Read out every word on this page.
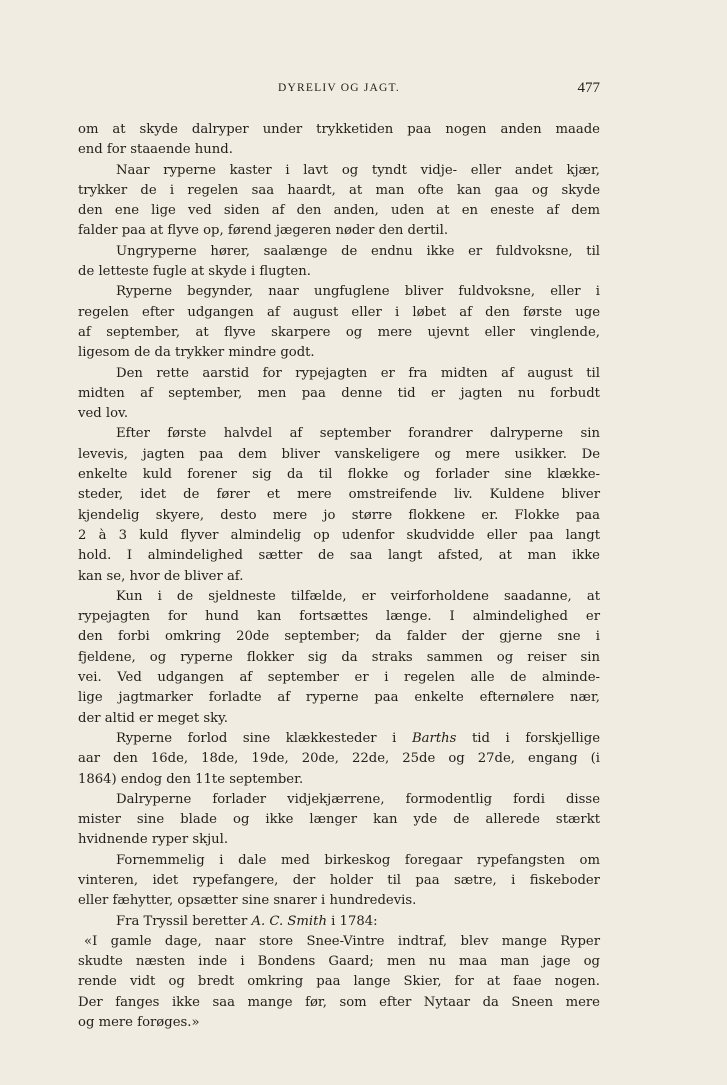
DYRELIV OG JAGT.	477
om at skyde dalryper under trykketiden paa nogen anden maade
end for staaende hund.
Naar ryperne kaster i lavt og tyndt vidje- eller andet kjær,
trykker de i regelen saa haardt, at man ofte kan gaa og skyde
den ene lige ved siden af den anden, uden at en eneste af dem
falder paa at flyve op, førend jægeren nøder den dertil.
Ungryperne hører, saalænge de endnu ikke er fuldvoksne, til
de letteste fugle at skyde i flugten.
Ryperne begynder, naar ungfuglene bliver fuldvoksne, eller i
regelen efter udgangen af august eller i løbet af den første uge
af september, at flyve skarpere og mere ujevnt eller vinglende,
ligesom de da trykker mindre godt.
Den rette aarstid for rypejagten er fra midten af august til
midten af september, men paa denne tid er jagten nu forbudt
ved lov.
Efter første halvdel af september forandrer dalryperne sin
levevis, jagten paa dem bliver vanskeligere og mere usikker. De
enkelte kuld forener sig da til flokke og forlader sine klække-
steder, idet de fører et mere omstreifende liv. Kuldene bliver
kjendelig skyere, desto mere jo større flokkene er. Flokke paa
2 à 3 kuld flyver almindelig op udenfor skudvidde eller paa langt
hold. I almindelighed sætter de saa langt afsted, at man ikke
kan se, hvor de bliver af.
Kun i de sjeldneste tilfælde, er veirforholdene saadanne, at
rypejagten for hund kan fortsættes længe. I almindelighed er
den forbi omkring 20de september; da falder der gjerne sne i
fjeldene, og ryperne flokker sig da straks sammen og reiser sin
vei. Ved udgangen af september er i regelen alle de alminde-
lige jagtmarker forladte af ryperne paa enkelte efternølere nær,
der altid er meget sky.
Ryperne forlod sine klækkesteder i Barths tid i forskjellige
aar den 16de, 18de, 19de, 20de, 22de, 25de og 27de, engang (i
1864) endog den 11te september.
Dalryperne forlader vidjekjærrene, formodentlig fordi disse
mister sine blade og ikke længer kan yde de allerede stærkt
hvidnende ryper skjul.
Fornemmelig i dale med birkeskog foregaar rypefangsten om
vinteren, idet rypefangere, der holder til paa sætre, i fiskeboder
eller fæhytter, opsætter sine snarer i hundredevis.
Fra Tryssil beretter A. C. Smith i 1784:
«I gamle dage, naar store Snee-Vintre indtraf, blev mange Ryper
skudte næsten inde i Bondens Gaard; men nu maa man jage og
rende vidt og bredt omkring paa lange Skier, for at faae nogen.
Der fanges ikke saa mange før, som efter Nytaar da Sneen mere
og mere forøges.»
